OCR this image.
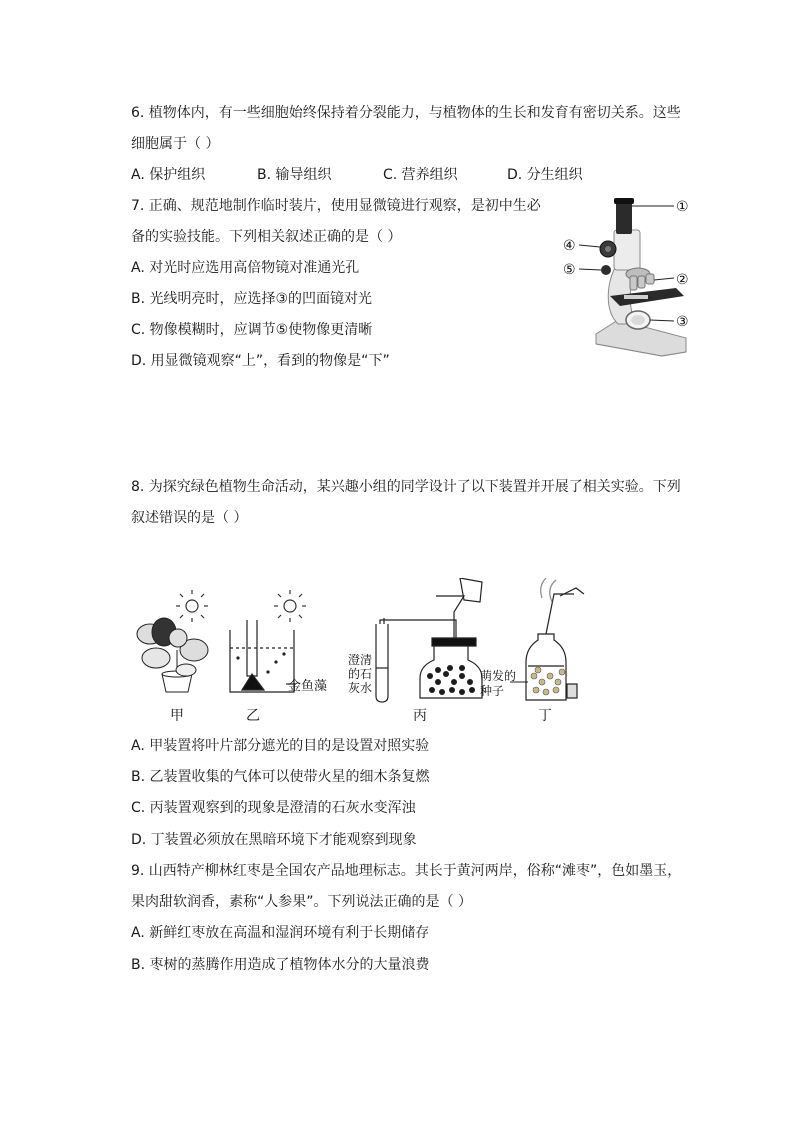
6. 植物体内，有一些细胞始终保持着分裂能力，与植物体的生长和发育有密切关系。这些
细胞属于（ ）
A. 保护组织	B. 输导组织	C. 营养组织	D. 分生组织
7. 正确、规范地制作临时装片，使用显微镜进行观察，是初中生必
备的实验技能。下列相关叙述正确的是（ ）
A. 对光时应选用高倍物镜对准通光孔
B. 光线明亮时，应选择③的凹面镜对光
C. 物像模糊时，应调节⑤使物像更清晰
D. 用显微镜观察“上”，看到的物像是“下”
①
②
③
④
⑤
8. 为探究绿色植物生命活动，某兴趣小组的同学设计了以下装置并开展了相关实验。下列
叙述错误的是（ ）
金鱼藻
澄清
的石
灰水
萌发的
种子
甲	乙	丙	丁
A. 甲装置将叶片部分遮光的目的是设置对照实验
B. 乙装置收集的气体可以使带火星的细木条复燃
C. 丙装置观察到的现象是澄清的石灰水变浑浊
D. 丁装置必须放在黑暗环境下才能观察到现象
9. 山西特产柳林红枣是全国农产品地理标志。其长于黄河两岸，俗称“滩枣”，色如墨玉，
果肉甜软润香，素称“人参果”。下列说法正确的是（ ）
A. 新鲜红枣放在高温和湿润环境有利于长期储存
B. 枣树的蒸腾作用造成了植物体水分的大量浪费
